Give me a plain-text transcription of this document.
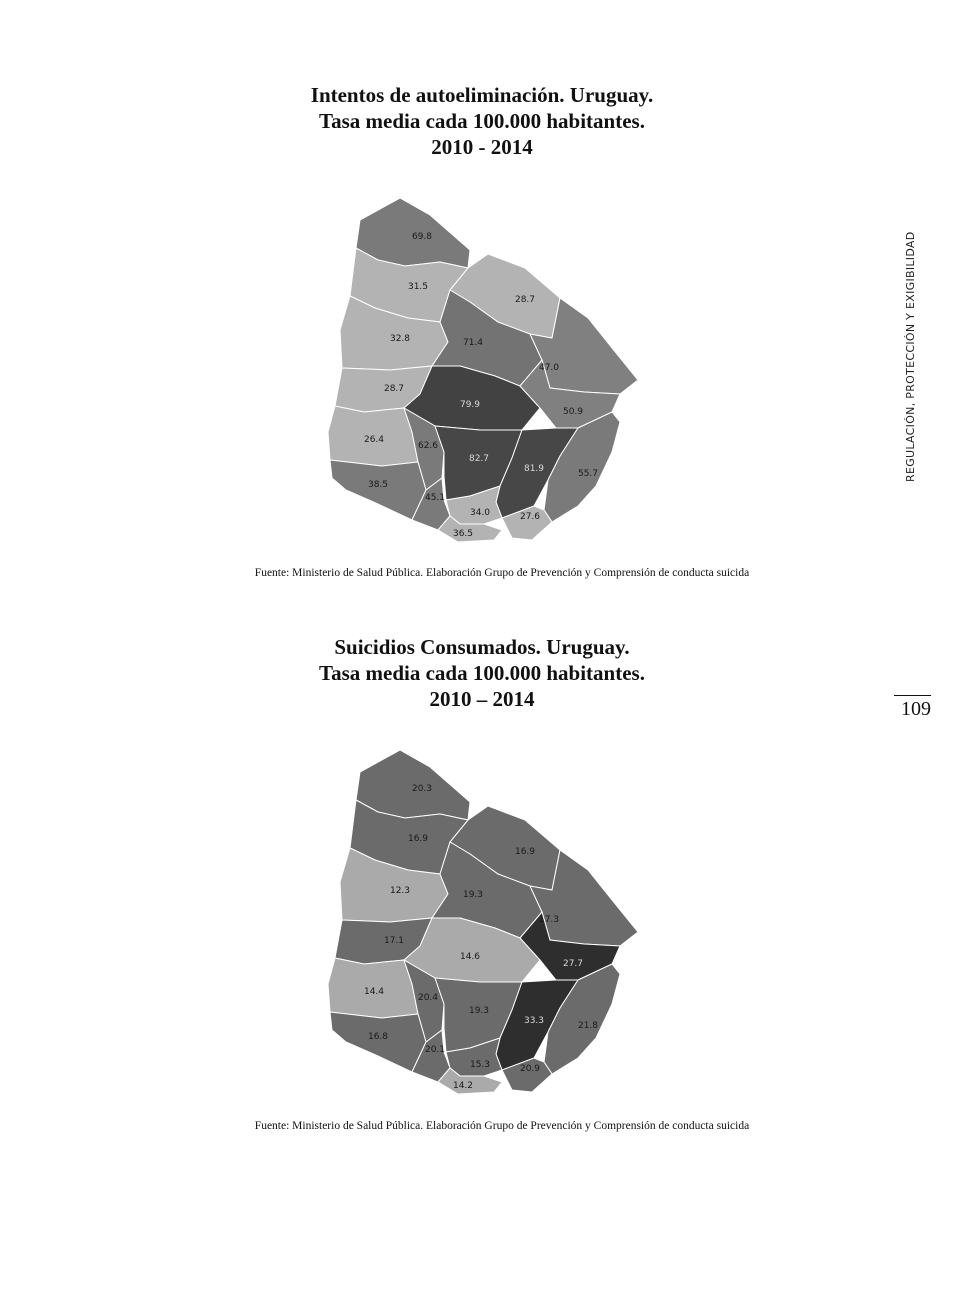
REGULACIÓN, PROTECCIÓN Y EXIGIBILIDAD
109
Intentos de autoeliminación. Uruguay.
Tasa media cada 100.000 habitantes.
2010 - 2014
69.8
31.5
28.7
32.8	71.4
47.0
28.7
79.9
50.9
26.4
62.6
82.7
81.9	55.7
38.5
45.1
34.0	27.6
36.5
Fuente: Ministerio de Salud Pública. Elaboración Grupo de Prevención y Comprensión de conducta suicida
Suicidios Consumados. Uruguay.
Tasa media cada 100.000 habitantes.
2010 – 2014
20.3
16.9
16.9
12.3	19.3
17.3
17.1
14.6
27.7
14.4
20.4
19.3
33.3	21.8
16.8
20.1
15.3	20.9
14.2
Fuente: Ministerio de Salud Pública. Elaboración Grupo de Prevención y Comprensión de conducta suicida
